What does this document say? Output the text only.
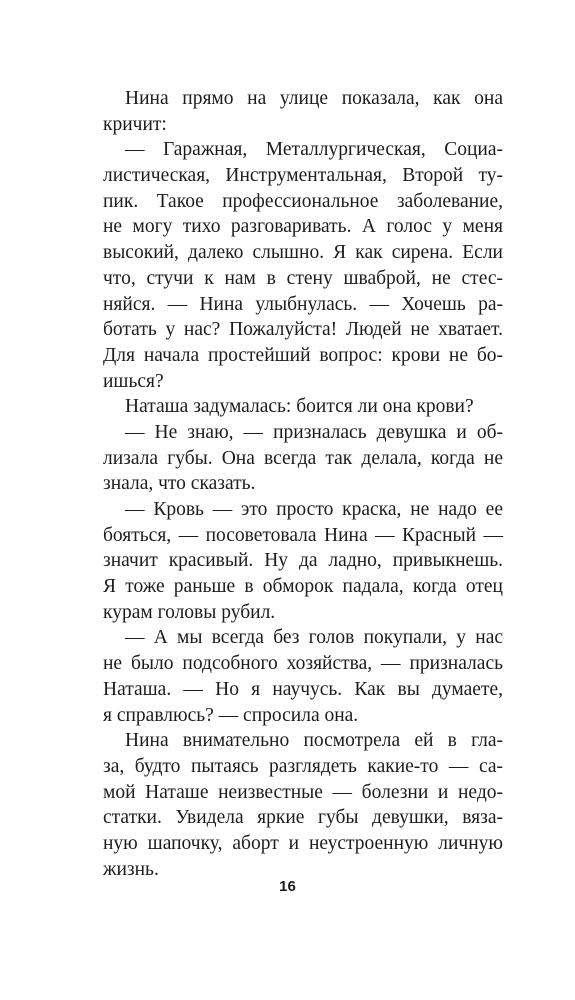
Нина прямо на улице показала, как она
кричит:
— Гаражная, Металлургическая, Социа-
листическая, Инструментальная, Второй ту-
пик. Такое профессиональное заболевание,
не могу тихо разговаривать. А голос у меня
высокий, далеко слышно. Я как сирена. Если
что, стучи к нам в стену шваброй, не стес-
няйся. — Нина улыбнулась. — Хочешь ра-
ботать у нас? Пожалуйста! Людей не хватает.
Для начала простейший вопрос: крови не бо-
ишься?
Наташа задумалась: боится ли она крови?
— Не знаю, — призналась девушка и об-
лизала губы. Она всегда так делала, когда не
знала, что сказать.
— Кровь — это просто краска, не надо ее
бояться, — посоветовала Нина — Красный —
значит красивый. Ну да ладно, привыкнешь.
Я тоже раньше в обморок падала, когда отец
курам головы рубил.
— А мы всегда без голов покупали, у нас
не было подсобного хозяйства, — призналась
Наташа. — Но я научусь. Как вы думаете,
я справлюсь? — спросила она.
Нина внимательно посмотрела ей в гла-
за, будто пытаясь разглядеть какие-то — са-
мой Наташе неизвестные — болезни и недо-
статки. Увидела яркие губы девушки, вяза-
ную шапочку, аборт и неустроенную личную
жизнь.
16
